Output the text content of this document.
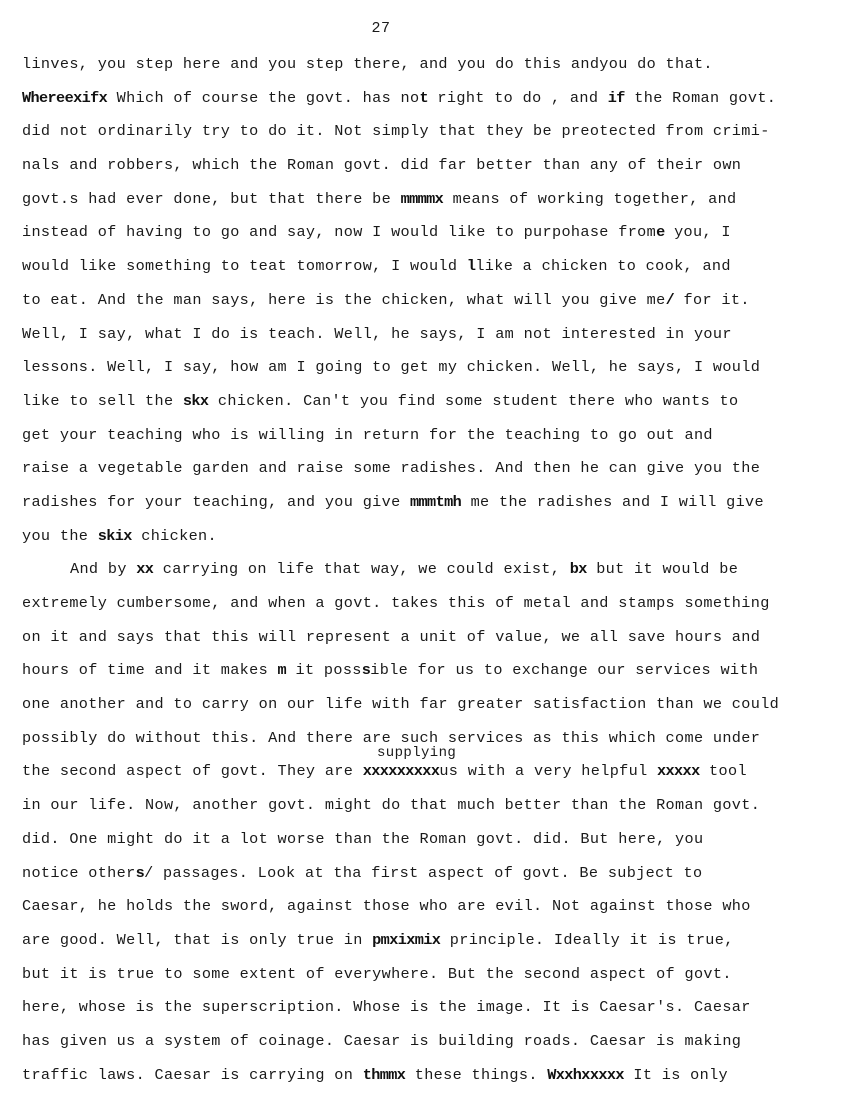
27
linves, you step here and you step there, and you do this andyou do that.
Whereexifx Which of course the govt. has not right to do , and if the Roman govt.
did not ordinarily try to do it. Not simply that they be preotected from crimi-
nals and robbers, which the Roman govt. did far better than any of their own
govt.s had ever done, but that there be mmmmx means of working together, and
instead of having to go and say, now I would like to purpohase frome you, I
would like something to teat tomorrow, I would llike a chicken to cook, and
to eat. And the man says, here is the chicken, what will you give me/ for it.
Well, I say, what I do is teach. Well, he says, I am not interested in your
lessons. Well, I say, how am I going to get my chicken. Well, he says, I would
like to sell the skx chicken. Can't you find some student there who wants to
get your teaching who is willing in return for the teaching to go out and
raise a vegetable garden and raise some radishes. And then he can give you the
radishes for your teaching, and you give mmmtmh me the radishes and I will give
you the skix chicken.
And by xx carrying on life that way, we could exist, bx but it would be
extremely cumbersome, and when a govt. takes this of metal and stamps something
on it and says that this will represent a unit of value, we all save hours and
hours of time and it makes m it posssible for us to exchange our services with
one another and to carry on our life with far greater satisfaction than we could
possibly do without this. And there are such services as this which come under
supplying
the second aspect of govt. They are xxxxxxxxxus with a very helpful xxxxx tool
in our life. Now, another govt. might do that much better than the Roman govt.
did. One might do it a lot worse than the Roman govt. did. But here, you
notice others/ passages. Look at tha first aspect of govt. Be subject to
Caesar, he holds the sword, against those who are evil. Not against those who
are good. Well, that is only true in pmxixmix principle. Ideally it is true,
but it is true to some extent of everywhere. But the second aspect of govt.
here, whose is the superscription. Whose is the image. It is Caesar's. Caesar
has given us a system of coinage. Caesar is building roads. Caesar is making
traffic laws. Caesar is carrying on thmmx these things. Wxxhxxxxx It is only
